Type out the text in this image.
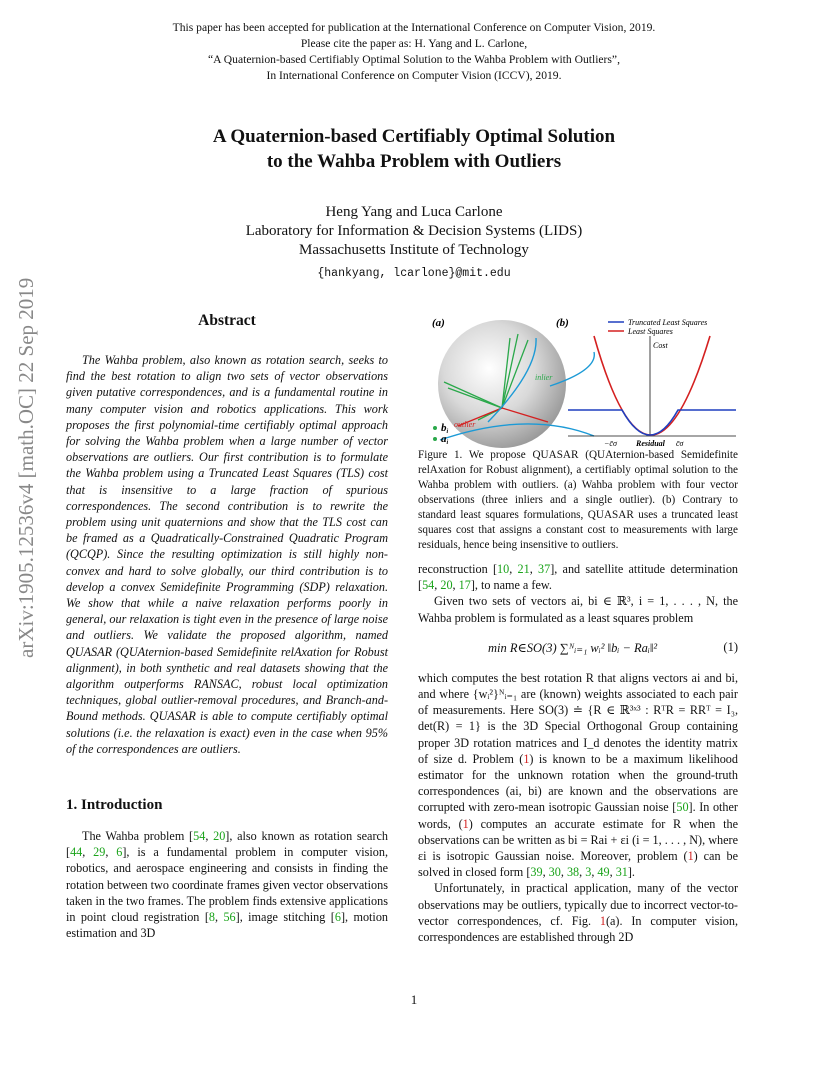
This paper has been accepted for publication at the International Conference on Computer Vision, 2019.
Please cite the paper as: H. Yang and L. Carlone,
“A Quaternion-based Certifiably Optimal Solution to the Wahba Problem with Outliers”,
In International Conference on Computer Vision (ICCV), 2019.
arXiv:1905.12536v4 [math.OC] 22 Sep 2019
A Quaternion-based Certifiably Optimal Solution
to the Wahba Problem with Outliers
Heng Yang and Luca Carlone
Laboratory for Information & Decision Systems (LIDS)
Massachusetts Institute of Technology
{hankyang, lcarlone}@mit.edu
Abstract

The Wahba problem, also known as rotation search, seeks to find the best rotation to align two sets of vector observations given putative correspondences, and is a fundamental routine in many computer vision and robotics applications. This work proposes the first polynomial-time certifiably optimal approach for solving the Wahba problem when a large number of vector observations are outliers. Our first contribution is to formulate the Wahba problem using a Truncated Least Squares (TLS) cost that is insensitive to a large fraction of spurious correspondences. The second contribution is to rewrite the problem using unit quaternions and show that the TLS cost can be framed as a Quadratically-Constrained Quadratic Program (QCQP). Since the resulting optimization is still highly non-convex and hard to solve globally, our third contribution is to develop a convex Semidefinite Programming (SDP) relaxation. We show that while a naive relaxation performs poorly in general, our relaxation is tight even in the presence of large noise and outliers. We validate the proposed algorithm, named QUASAR (QUAternion-based Semidefinite relAxation for Robust alignment), in both synthetic and real datasets showing that the algorithm outperforms RANSAC, robust local optimization techniques, global outlier-removal procedures, and Branch-and-Bound methods. QUASAR is able to compute certifiably optimal solutions (i.e. the relaxation is exact) even in the case when 95% of the correspondences are outliers.

1. Introduction

The Wahba problem [54, 20], also known as rotation search [44, 29, 6], is a fundamental problem in computer vision, robotics, and aerospace engineering and consists in finding the rotation between two coordinate frames given vector observations taken in the two frames. The problem finds extensive applications in point cloud registration [8, 56], image stitching [6], motion estimation and 3D

(a)
inlier
outlier
bi
ai
(b)	Truncated Least Squares
Least Squares
Cost
−c̄σ Residual c̄σ

Figure 1. We propose QUASAR (QUAternion-based Semidefinite relAxation for Robust alignment), a certifiably optimal solution to the Wahba problem with outliers. (a) Wahba problem with four vector observations (three inliers and a single outlier). (b) Contrary to standard least squares formulations, QUASAR uses a truncated least squares cost that assigns a constant cost to measurements with large residuals, hence being insensitive to outliers.

reconstruction [10, 21, 37], and satellite attitude determination [54, 20, 17], to name a few.

Given two sets of vectors ai, bi ∈ ℝ³, i = 1, . . . , N, the Wahba problem is formulated as a least squares problem

min R∈SO(3) ∑ᴺᵢ₌₁ wᵢ² ‖bᵢ − Raᵢ‖²	(1)

which computes the best rotation R that aligns vectors ai and bi, and where {wᵢ²}ᴺᵢ₌₁ are (known) weights associated to each pair of measurements. Here SO(3) ≐ {R ∈ ℝ³ˣ³ : RᵀR = RRᵀ = I₃, det(R) = 1} is the 3D Special Orthogonal Group containing proper 3D rotation matrices and I_d denotes the identity matrix of size d. Problem (1) is known to be a maximum likelihood estimator for the unknown rotation when the ground-truth correspondences (ai, bi) are known and the observations are corrupted with zero-mean isotropic Gaussian noise [50]. In other words, (1) computes an accurate estimate for R when the observations can be written as bi = Rai + εi (i = 1, . . . , N), where εi is isotropic Gaussian noise. Moreover, problem (1) can be solved in closed form [39, 30, 38, 3, 49, 31].

Unfortunately, in practical application, many of the vector observations may be outliers, typically due to incorrect vector-to-vector correspondences, cf. Fig. 1(a). In computer vision, correspondences are established through 2D

1
